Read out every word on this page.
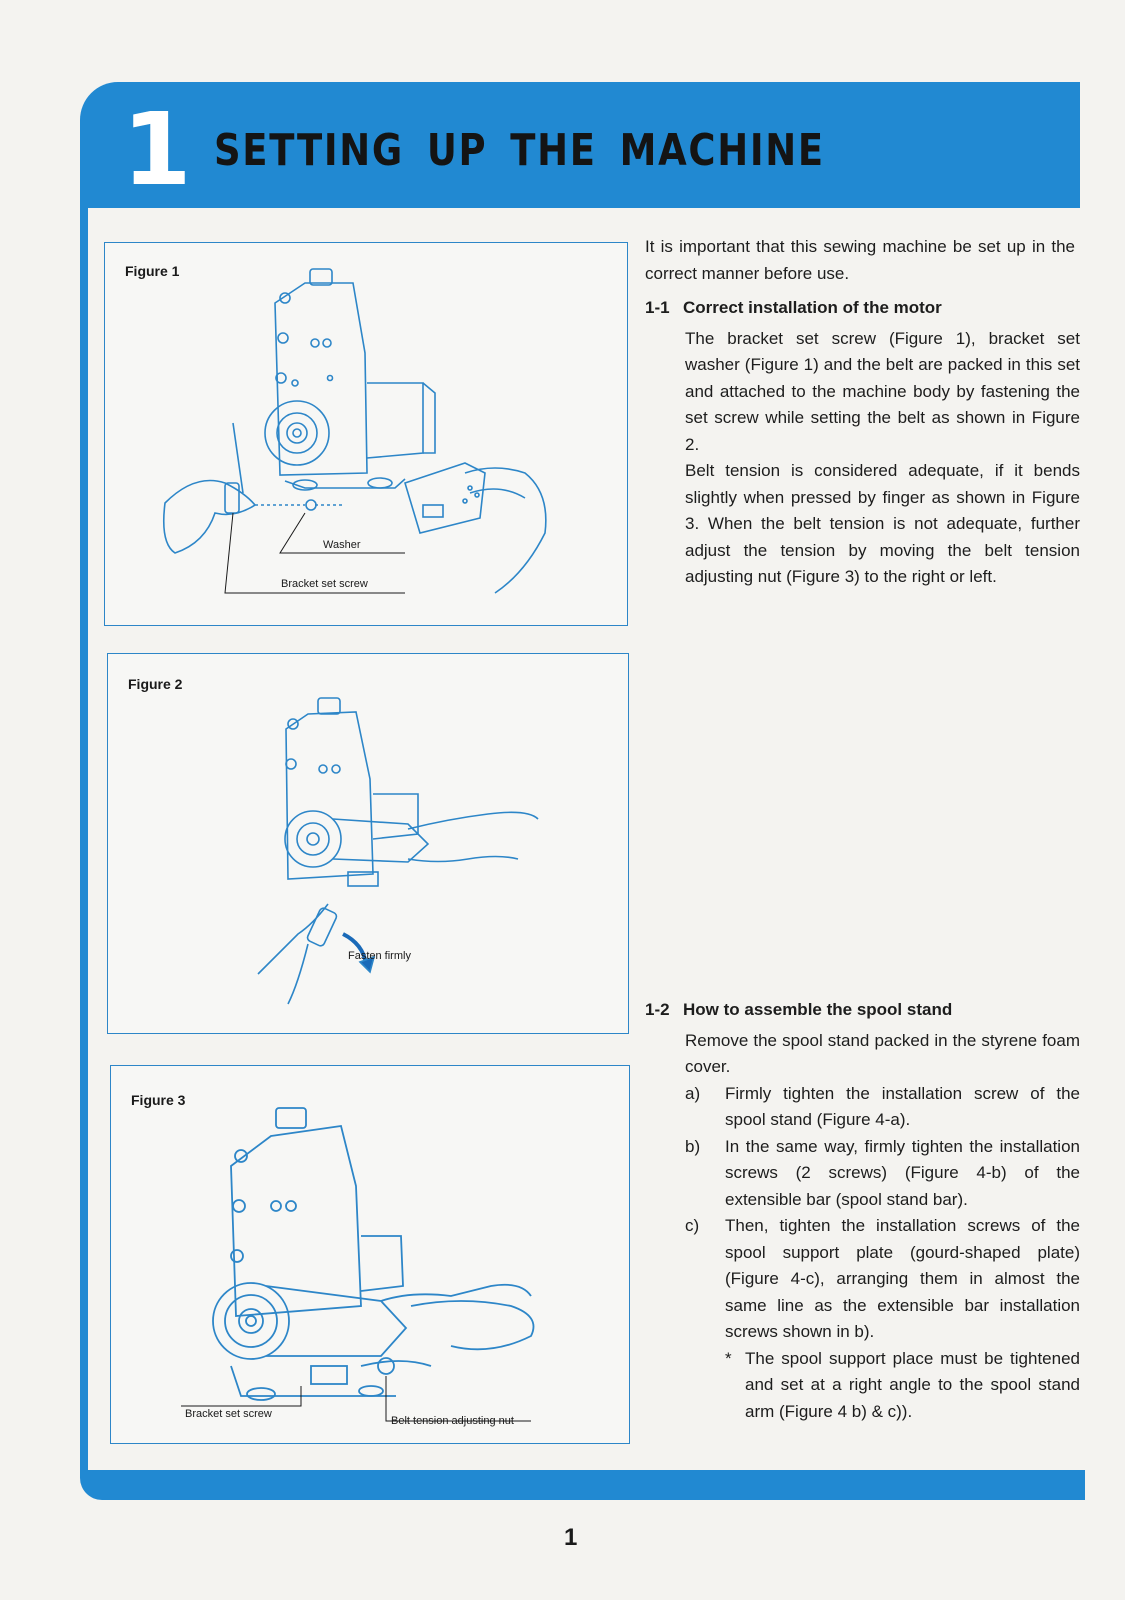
1 SETTING UP THE MACHINE
Figure 1
Washer
Bracket set screw
Figure 2
Fasten firmly
Figure 3
Bracket set screw
Belt tension adjusting nut
It is important that this sewing machine be set up in the correct manner before use.
1-1 Correct installation of the motor
The bracket set screw (Figure 1), bracket set washer (Figure 1) and the belt are packed in this set and attached to the machine body by fastening the set screw while setting the belt as shown in Figure 2.
Belt tension is considered adequate, if it bends slightly when pressed by finger as shown in Figure 3. When the belt tension is not adequate, further adjust the tension by moving the belt tension adjusting nut (Figure 3) to the right or left.
1-2 How to assemble the spool stand
Remove the spool stand packed in the styrene foam cover.
a)	Firmly tighten the installation screw of the spool stand (Figure 4-a).
b)	In the same way, firmly tighten the installation screws (2 screws) (Figure 4-b) of the extensible bar (spool stand bar).
c)	Then, tighten the installation screws of the spool support plate (gourd-shaped plate) (Figure 4-c), arranging them in almost the same line as the extensible bar installation screws shown in b).
* The spool support place must be tightened and set at a right angle to the spool stand arm (Figure 4 b) & c)).
1
